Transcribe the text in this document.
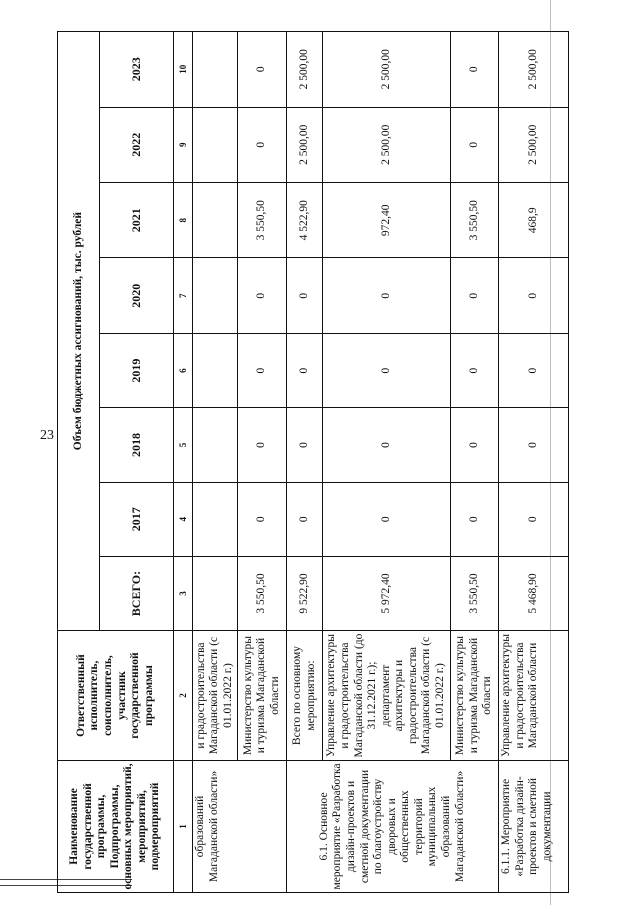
23
Наименование государственной программы, Подпрограммы, основных мероприятий, мероприятий, подмероприятий	Ответственный исполнитель, соисполнитель, участник государственной программы	Объем бюджетных ассигнований, тыс. рублей							
		ВСЕГО:	2017	2018	2019	2020	2021	2022	2023
1	2	3	4	5	6	7	8	9	10
образований Магаданской области»	и градостроительства Магаданской области (с 01.01.2022 г.)								
	Министерство культуры и туризма Магаданской области	3 550,50	0	0	0	0	3 550,50	0	0
6.1. Основное мероприятие «Разработка дизайн-проектов и сметной документации по благоустройству дворовых и общественных территорий муниципальных образований Магаданской области»	Всего по основному мероприятию:	9 522,90	0	0	0	0	4 522,90	2 500,00	2 500,00
	Управление архитектуры и градостроительства Магаданской области (до 31.12.2021 г.); департамент архитектуры и градостроительства Магаданской области (с 01.01.2022 г.)	5 972,40	0	0	0	0	972,40	2 500,00	2 500,00
	Министерство культуры и туризма Магаданской области	3 550,50	0	0	0	0	3 550,50	0	0
6.1.1. Мероприятие «Разработка дизайн-проектов и сметной документации	Управление архитектуры и градостроительства Магаданской области	5 468,90	0	0	0	0	468,9	2 500,00	2 500,00
